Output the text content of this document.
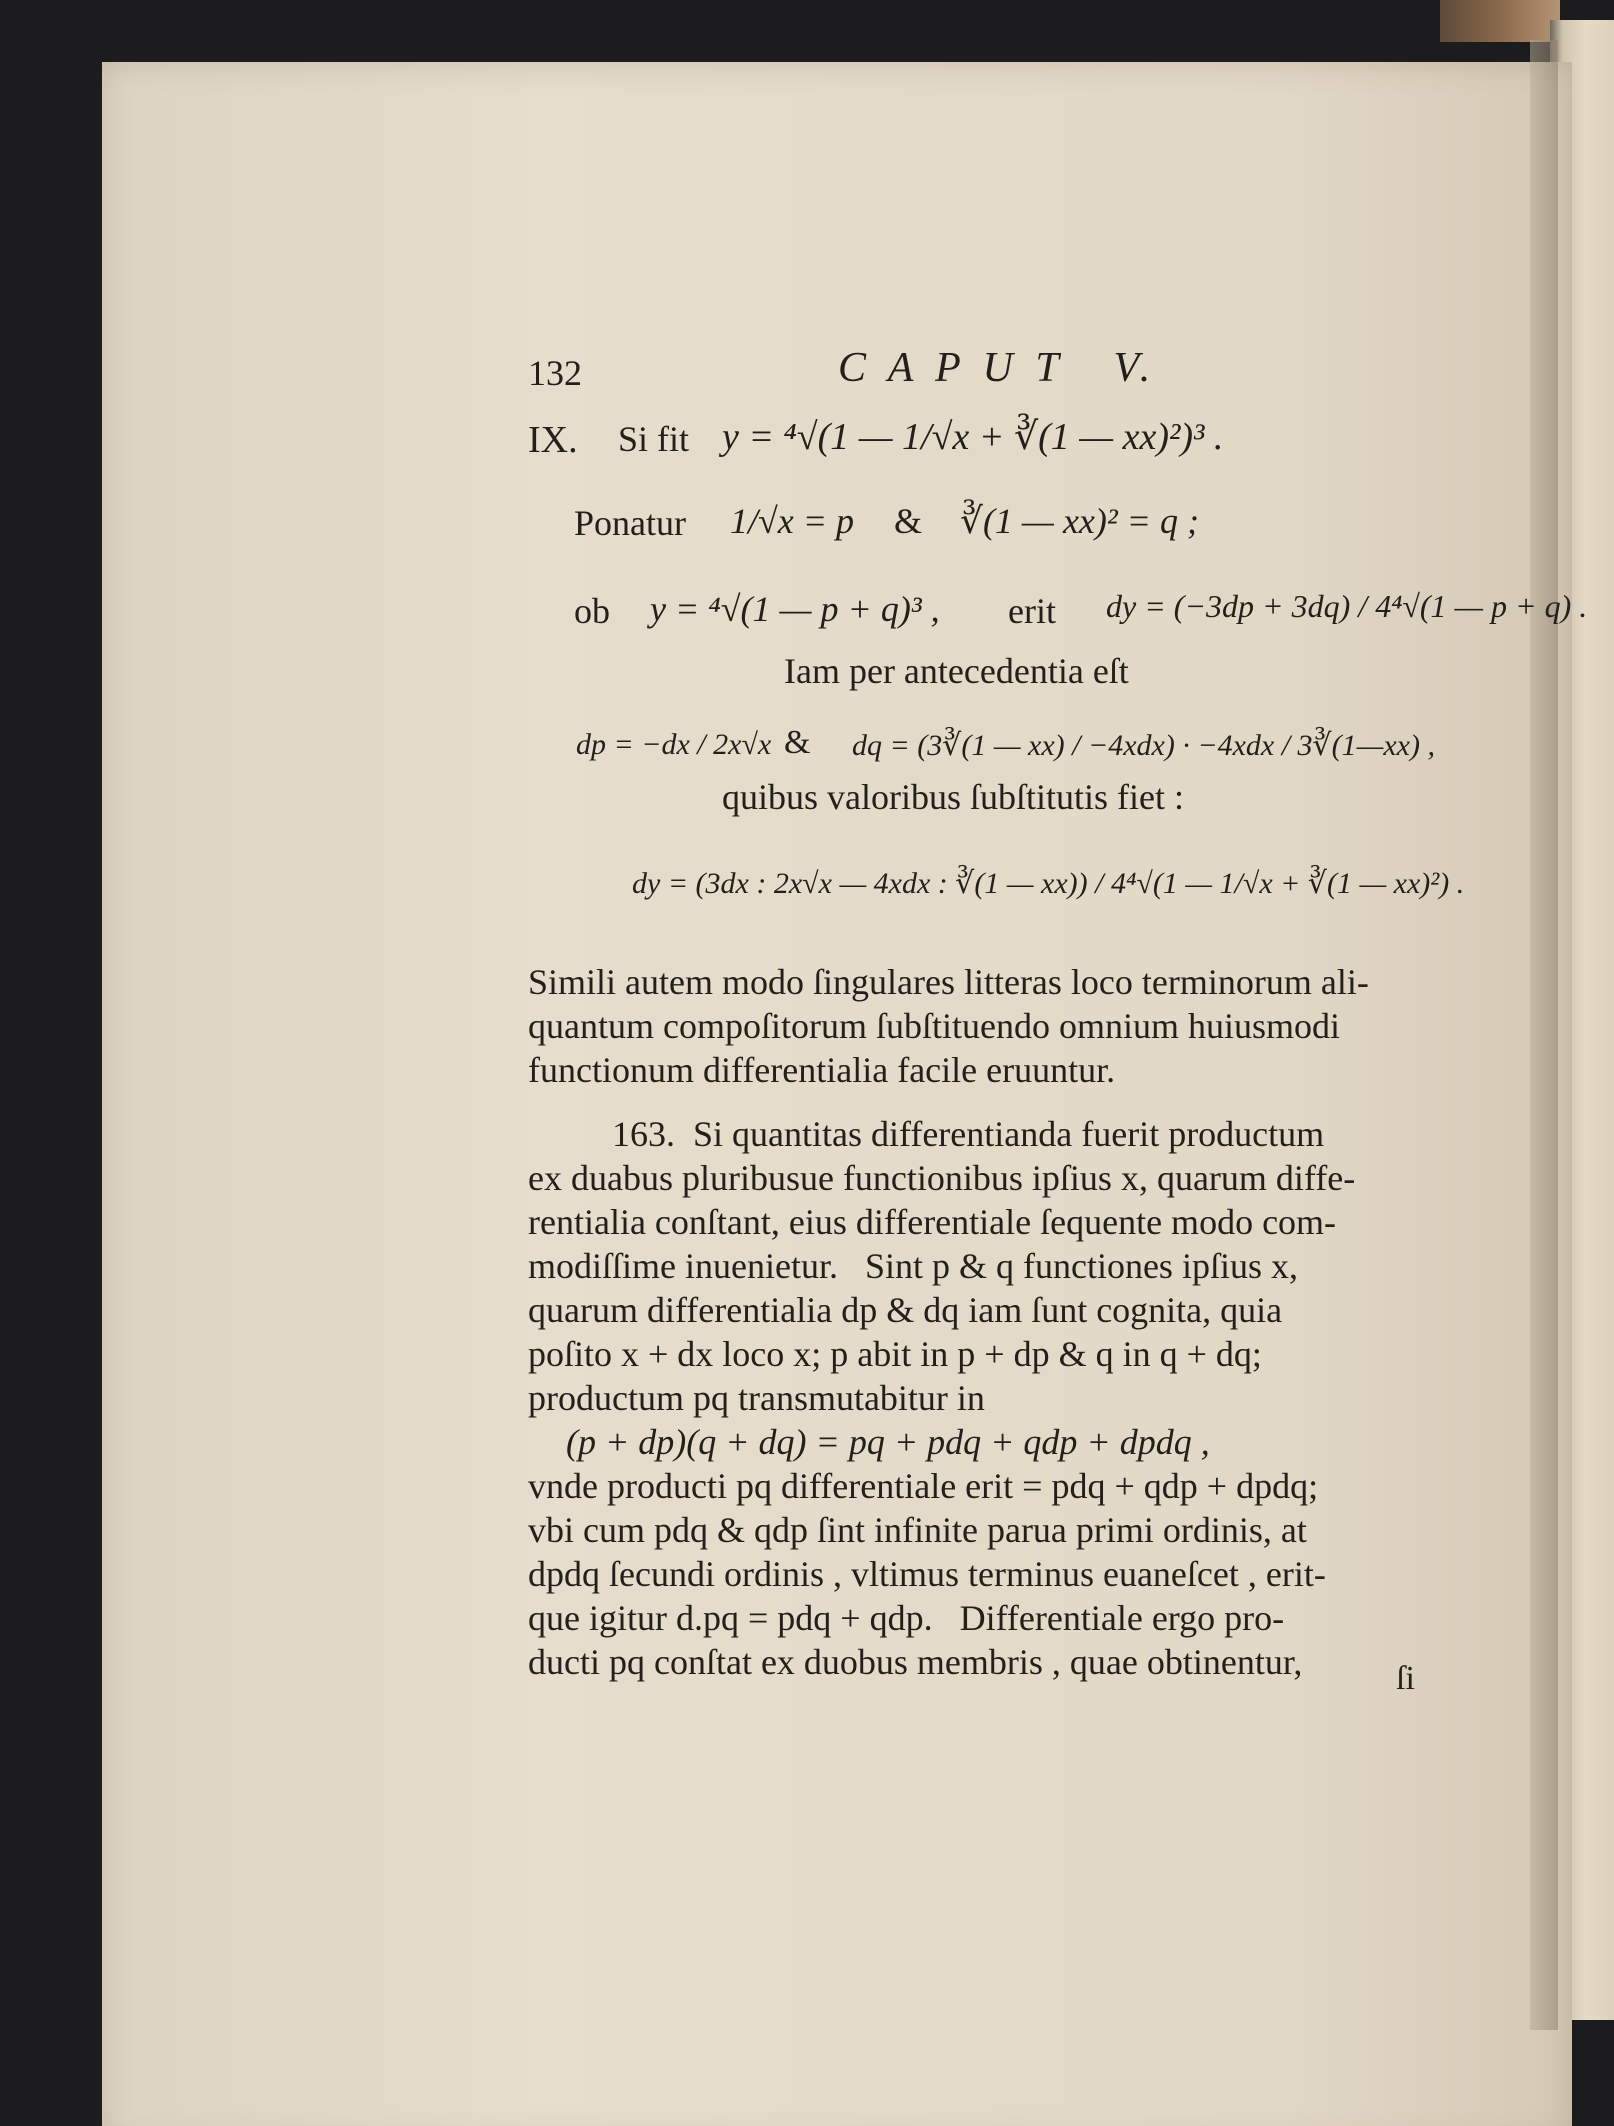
132	C A P U T   V.
IX. Si fit y = ⁴√(1 — 1/√x + ∛(1 — xx)²)³ .
Ponatur 1/√x = p & ∛(1 — xx)² = q ;
ob y = ⁴√(1 — p + q)³ , erit dy = (−3dp + 3dq) / 4⁴√(1 — p + q) .
Iam per antecedentia eſt
dp = −dx / 2x√x & dq = (3∛(1 — xx) / −4xdx) · −4xdx / 3∛(1—xx) ,
quibus valoribus ſubſtitutis fiet :
dy = (3dx : 2x√x — 4xdx : ∛(1 — xx)) / 4⁴√(1 — 1/√x + ∛(1 — xx)²) .
Simili autem modo ſingulares litteras loco terminorum ali-
quantum compoſitorum ſubſtituendo omnium huiusmodi
functionum differentialia facile eruuntur.
163.  Si quantitas differentianda fuerit productum
ex duabus pluribusue functionibus ipſius x, quarum diffe-
rentialia conſtant, eius differentiale ſequente modo com-
modiſſime inuenietur.   Sint p & q functiones ipſius x,
quarum differentialia dp & dq iam ſunt cognita, quia
poſito x + dx loco x; p abit in p + dp & q in q + dq;
productum pq transmutabitur in
(p + dp)(q + dq) = pq + pdq + qdp + dpdq ,
vnde producti pq differentiale erit = pdq + qdp + dpdq;
vbi cum pdq & qdp ſint infinite parua primi ordinis, at
dpdq ſecundi ordinis , vltimus terminus euaneſcet , erit-
que igitur d.pq = pdq + qdp.   Differentiale ergo pro-
ducti pq conſtat ex duobus membris , quae obtinentur,	ſi
